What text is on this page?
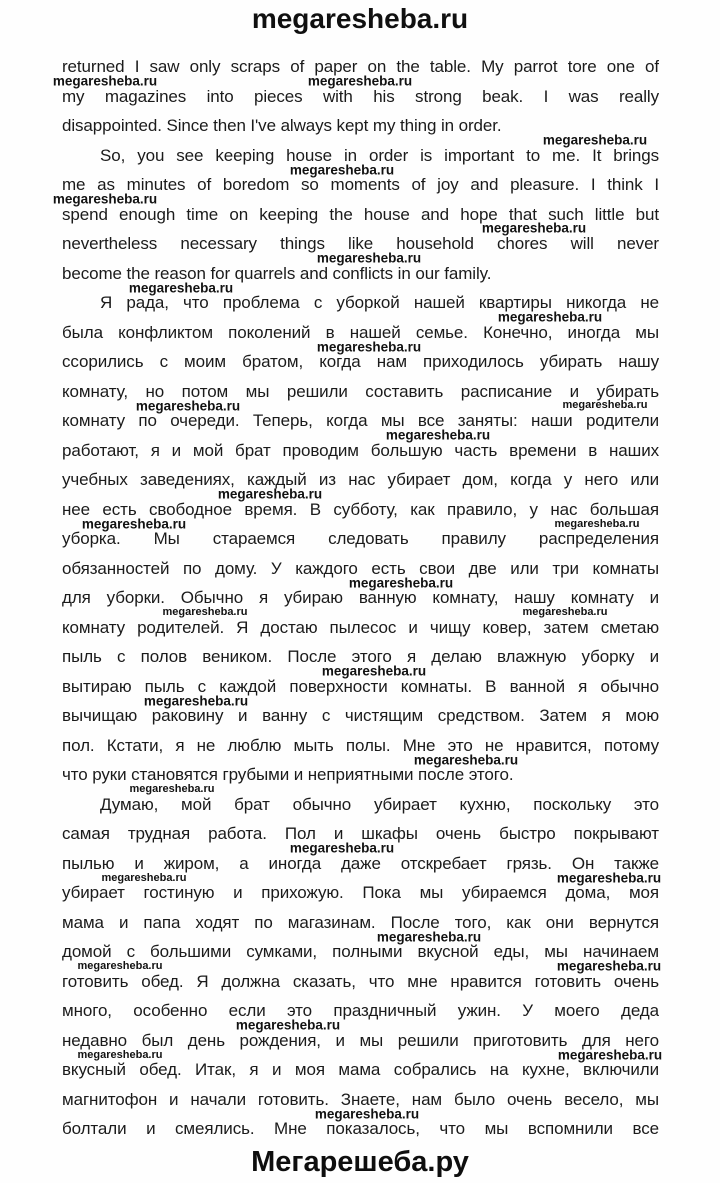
megaresheba.ru
returned I saw only scraps of paper on the table. My parrot tore one of
my magazines into pieces with his strong beak. I was really
disappointed. Since then I've always kept my thing in order.
So, you see keeping house in order is important to me. It brings
me as minutes of boredom so moments of joy and pleasure. I think I
spend enough time on keeping the house and hope that such little but
nevertheless necessary things like household chores will never
become the reason for quarrels and conflicts in our family.
Я рада, что проблема с уборкой нашей квартиры никогда не
была конфликтом поколений в нашей семье. Конечно, иногда мы
ссорились с моим братом, когда нам приходилось убирать нашу
комнату, но потом мы решили составить расписание и убирать
комнату по очереди. Теперь, когда мы все заняты: наши родители
работают, я и мой брат проводим большую часть времени в наших
учебных заведениях, каждый из нас убирает дом, когда у него или
нее есть свободное время. В субботу, как правило, у нас большая
уборка. Мы стараемся следовать правилу распределения
обязанностей по дому. У каждого есть свои две или три комнаты
для уборки. Обычно я убираю ванную комнату, нашу комнату и
комнату родителей. Я достаю пылесос и чищу ковер, затем сметаю
пыль с полов веником. После этого я делаю влажную уборку и
вытираю пыль с каждой поверхности комнаты. В ванной я обычно
вычищаю раковину и ванну с чистящим средством. Затем я мою
пол. Кстати, я не люблю мыть полы. Мне это не нравится, потому
что руки становятся грубыми и неприятными после этого.
Думаю, мой брат обычно убирает кухню, поскольку это
самая трудная работа. Пол и шкафы очень быстро покрывают
пылью и жиром, а иногда даже отскребает грязь. Он также
убирает гостиную и прихожую. Пока мы убираемся дома, моя
мама и папа ходят по магазинам. После того, как они вернутся
домой с большими сумками, полными вкусной еды, мы начинаем
готовить обед. Я должна сказать, что мне нравится готовить очень
много, особенно если это праздничный ужин. У моего деда
недавно был день рождения, и мы решили приготовить для него
вкусный обед. Итак, я и моя мама собрались на кухне, включили
магнитофон и начали готовить. Знаете, нам было очень весело, мы
болтали и смеялись. Мне показалось, что мы вспомнили все
megaresheba.ru	megaresheba.ru
megaresheba.ru
megaresheba.ru
megaresheba.ru
megaresheba.ru
megaresheba.ru
megaresheba.ru
megaresheba.ru
megaresheba.ru
megaresheba.ru	megaresheba.ru
megaresheba.ru
megaresheba.ru
megaresheba.ru	megaresheba.ru
megaresheba.ru
megaresheba.ru	megaresheba.ru
megaresheba.ru
megaresheba.ru
megaresheba.ru
megaresheba.ru
megaresheba.ru
megaresheba.ru	megaresheba.ru
megaresheba.ru
megaresheba.ru	megaresheba.ru
megaresheba.ru
megaresheba.ru	megaresheba.ru
megaresheba.ru
Мегарешеба.ру
